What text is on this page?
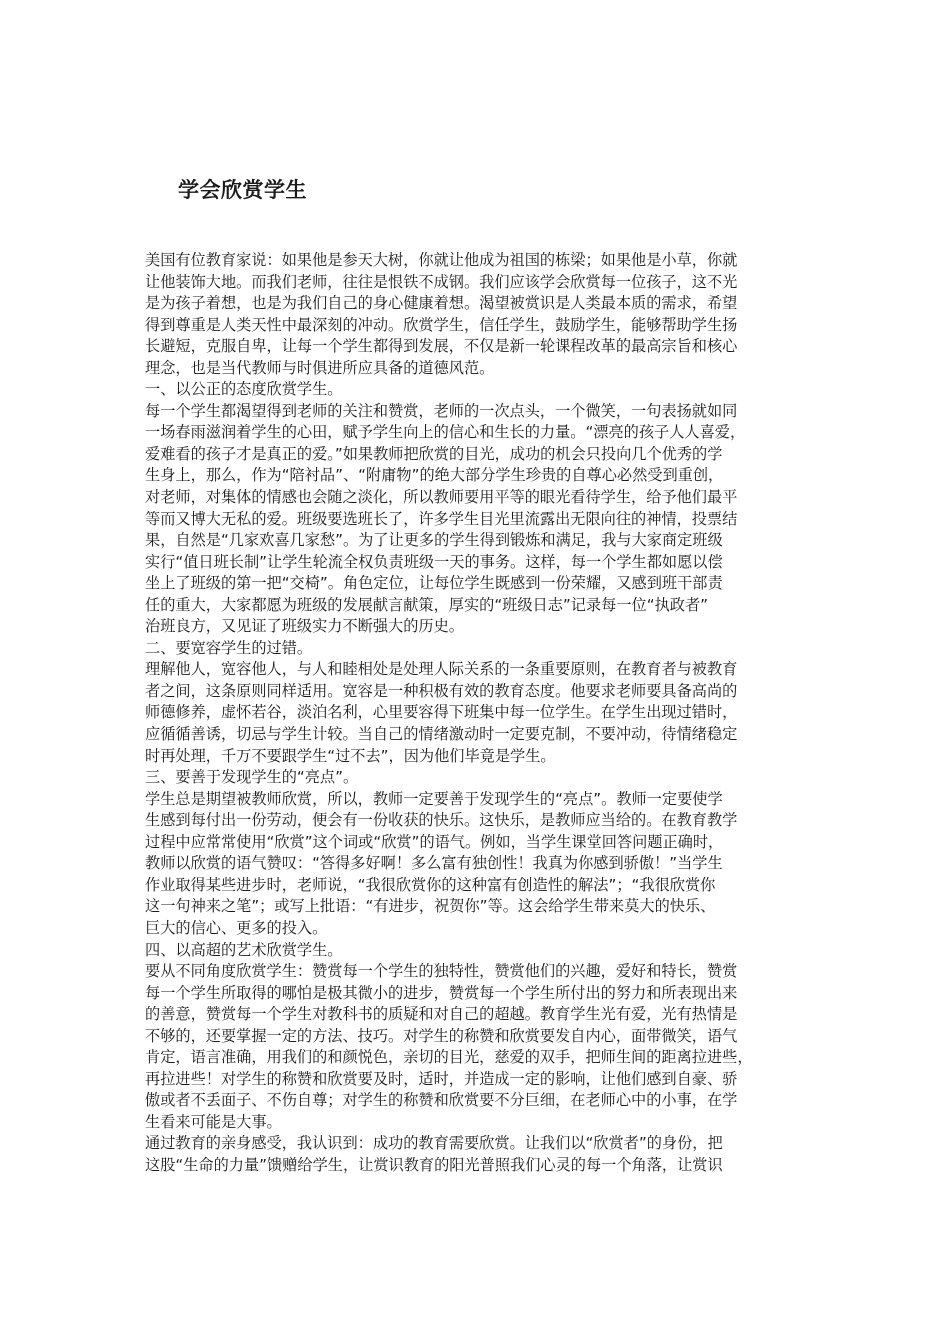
学会欣赏学生

美国有位教育家说：如果他是参天大树，你就让他成为祖国的栋梁；如果他是小草，你就

让他装饰大地。而我们老师，往往是恨铁不成钢。我们应该学会欣赏每一位孩子，这不光

是为孩子着想，也是为我们自己的身心健康着想。渴望被赏识是人类最本质的需求，希望

得到尊重是人类天性中最深刻的冲动。欣赏学生，信任学生，鼓励学生，能够帮助学生扬

长避短，克服自卑，让每一个学生都得到发展，不仅是新一轮课程改革的最高宗旨和核心

理念，也是当代教师与时俱进所应具备的道德风范。

一、以公正的态度欣赏学生。

每一个学生都渴望得到老师的关注和赞赏，老师的一次点头，一个微笑，一句表扬就如同

一场春雨滋润着学生的心田，赋予学生向上的信心和生长的力量。“漂亮的孩子人人喜爱，

爱难看的孩子才是真正的爱。”如果教师把欣赏的目光，成功的机会只投向几个优秀的学

生身上，那么，作为“陪衬品”、“附庸物”的绝大部分学生珍贵的自尊心必然受到重创，

对老师，对集体的情感也会随之淡化，所以教师要用平等的眼光看待学生，给予他们最平

等而又博大无私的爱。班级要选班长了，许多学生目光里流露出无限向往的神情，投票结

果，自然是“几家欢喜几家愁”。为了让更多的学生得到锻炼和满足，我与大家商定班级

实行“值日班长制”让学生轮流全权负责班级一天的事务。这样，每一个学生都如愿以偿

坐上了班级的第一把“交椅”。角色定位，让每位学生既感到一份荣耀，又感到班干部责

任的重大，大家都愿为班级的发展献言献策，厚实的“班级日志”记录每一位“执政者”

治班良方，又见证了班级实力不断强大的历史。

二、要宽容学生的过错。

理解他人，宽容他人，与人和睦相处是处理人际关系的一条重要原则，在教育者与被教育

者之间，这条原则同样适用。宽容是一种积极有效的教育态度。他要求老师要具备高尚的

师德修养，虚怀若谷，淡泊名利，心里要容得下班集中每一位学生。在学生出现过错时，

应循循善诱，切忌与学生计较。当自己的情绪激动时一定要克制，不要冲动，待情绪稳定

时再处理，千万不要跟学生“过不去”，因为他们毕竟是学生。

三、要善于发现学生的“亮点”。

学生总是期望被教师欣赏，所以，教师一定要善于发现学生的“亮点”。教师一定要使学

生感到每付出一份劳动，便会有一份收获的快乐。这快乐，是教师应当给的。在教育教学

过程中应常常使用“欣赏”这个词或“欣赏”的语气。例如，当学生课堂回答问题正确时，

教师以欣赏的语气赞叹：“答得多好啊！多么富有独创性！我真为你感到骄傲！”当学生

作业取得某些进步时，老师说，“我很欣赏你的这种富有创造性的解法”；“我很欣赏你

这一句神来之笔”；或写上批语：“有进步，祝贺你”等。这会给学生带来莫大的快乐、

巨大的信心、更多的投入。

四、以高超的艺术欣赏学生。

要从不同角度欣赏学生：赞赏每一个学生的独特性，赞赏他们的兴趣，爱好和特长，赞赏

每一个学生所取得的哪怕是极其微小的进步，赞赏每一个学生所付出的努力和所表现出来

的善意，赞赏每一个学生对教科书的质疑和对自己的超越。教育学生光有爱，光有热情是

不够的，还要掌握一定的方法、技巧。对学生的称赞和欣赏要发自内心，面带微笑，语气

肯定，语言准确，用我们的和颜悦色，亲切的目光，慈爱的双手，把师生间的距离拉进些，

再拉进些！对学生的称赞和欣赏要及时，适时，并造成一定的影响，让他们感到自豪、骄

傲或者不丢面子、不伤自尊；对学生的称赞和欣赏要不分巨细，在老师心中的小事，在学

生看来可能是大事。

通过教育的亲身感受，我认识到：成功的教育需要欣赏。让我们以“欣赏者”的身份，把

这股“生命的力量”馈赠给学生，让赏识教育的阳光普照我们心灵的每一个角落，让赏识
